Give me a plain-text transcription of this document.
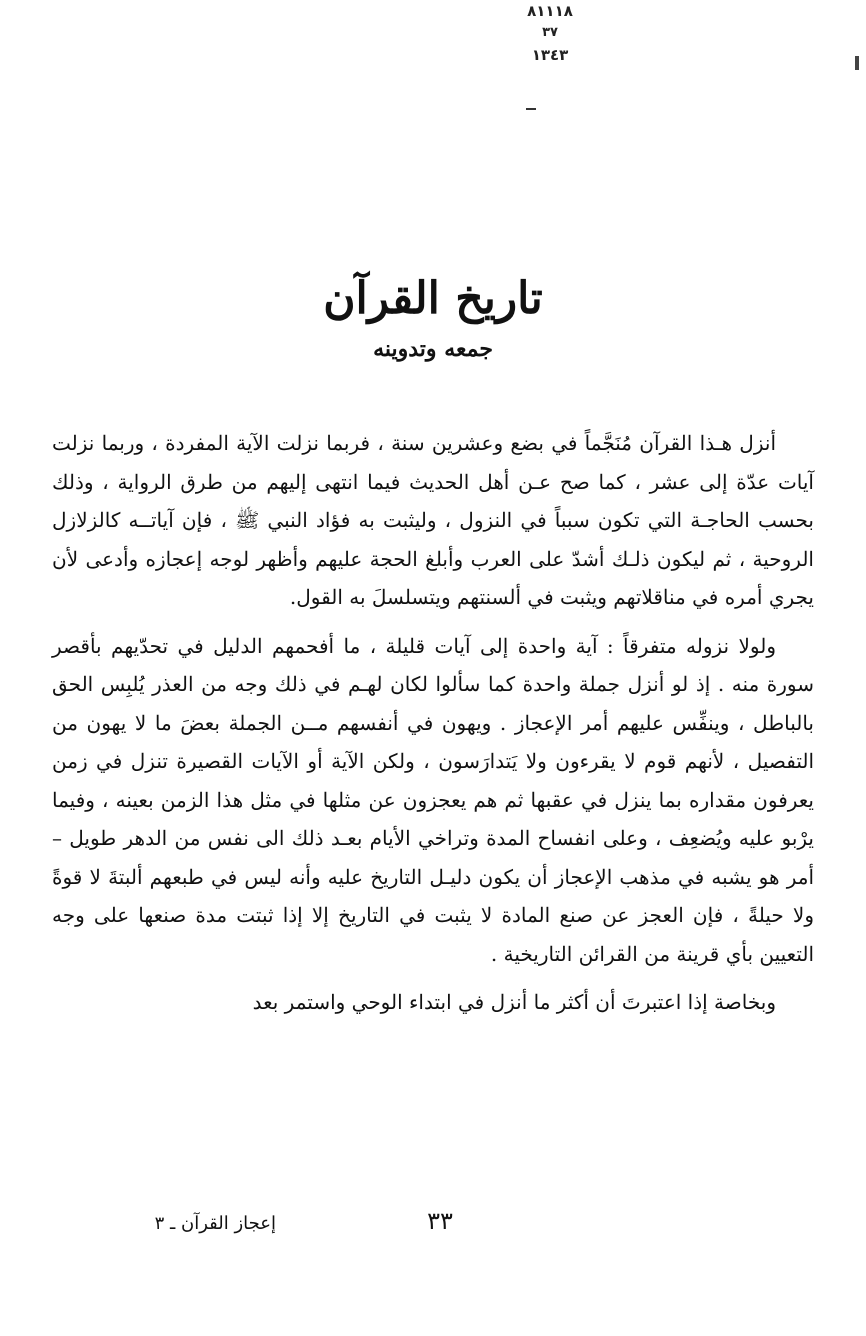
٨١١١٨
٣٧
١٣٤٣
تاريخ القرآن
جمعه وتدوينه

أنزل هـذا القرآن مُنَجَّماً في بضع وعشرين سنة ، فربما نزلت الآية المفردة ، وربما نزلت آيات عدّة إلى عشر ، كما صح عـن أهل الحديث فيما انتهى إليهم من طرق الرواية ، وذلك بحسب الحاجـة التي تكون سبباً في النزول ، وليثبت به فؤاد النبي ﷺ ، فإن آياتــه كالزلازل الروحية ، ثم ليكون ذلـك أشدّ على العرب وأبلغ الحجة عليهم وأظهر لوجه إعجازه وأدعى لأن يجري أمره في مناقلاتهم ويثبت في ألسنتهم ويتسلسلَ به القول.

ولولا نزوله متفرقاً : آية واحدة إلى آيات قليلة ، ما أفحمهم الدليل في تحدّيهم بأقصر سورة منه . إذ لو أنزل جملة واحدة كما سألوا لكان لهـم في ذلك وجه من العذر يُلبِس الحق بالباطل ، وينفِّس عليهم أمر الإعجاز . ويهون في أنفسهم مــن الجملة بعضَ ما لا يهون من التفصيل ، لأنهم قوم لا يقرءون ولا يَتدارَسون ، ولكن الآية أو الآيات القصيرة تنزل في زمن يعرفون مقداره بما ينزل في عقبها ثم هم يعجزون عن مثلها في مثل هذا الزمن بعينه ، وفيما يرْبو عليه ويُضعِف ، وعلى انفساح المدة وتراخي الأيام بعـد ذلك الى نفس من الدهر طويل –أمر هو يشبه في مذهب الإعجاز أن يكون دليـل التاريخ عليه وأنه ليس في طبعهم ألبتةَ لا قوةً ولا حيلةً ، فإن العجز عن صنع المادة لا يثبت في التاريخ إلا إذا ثبتت مدة صنعها على وجه التعيين بأي قرينة من القرائن التاريخية .

وبخاصة إذا اعتبرتَ أن أكثر ما أنزل في ابتداء الوحي واستمر بعد

إعجاز القرآن ـ ٣	٣٣
